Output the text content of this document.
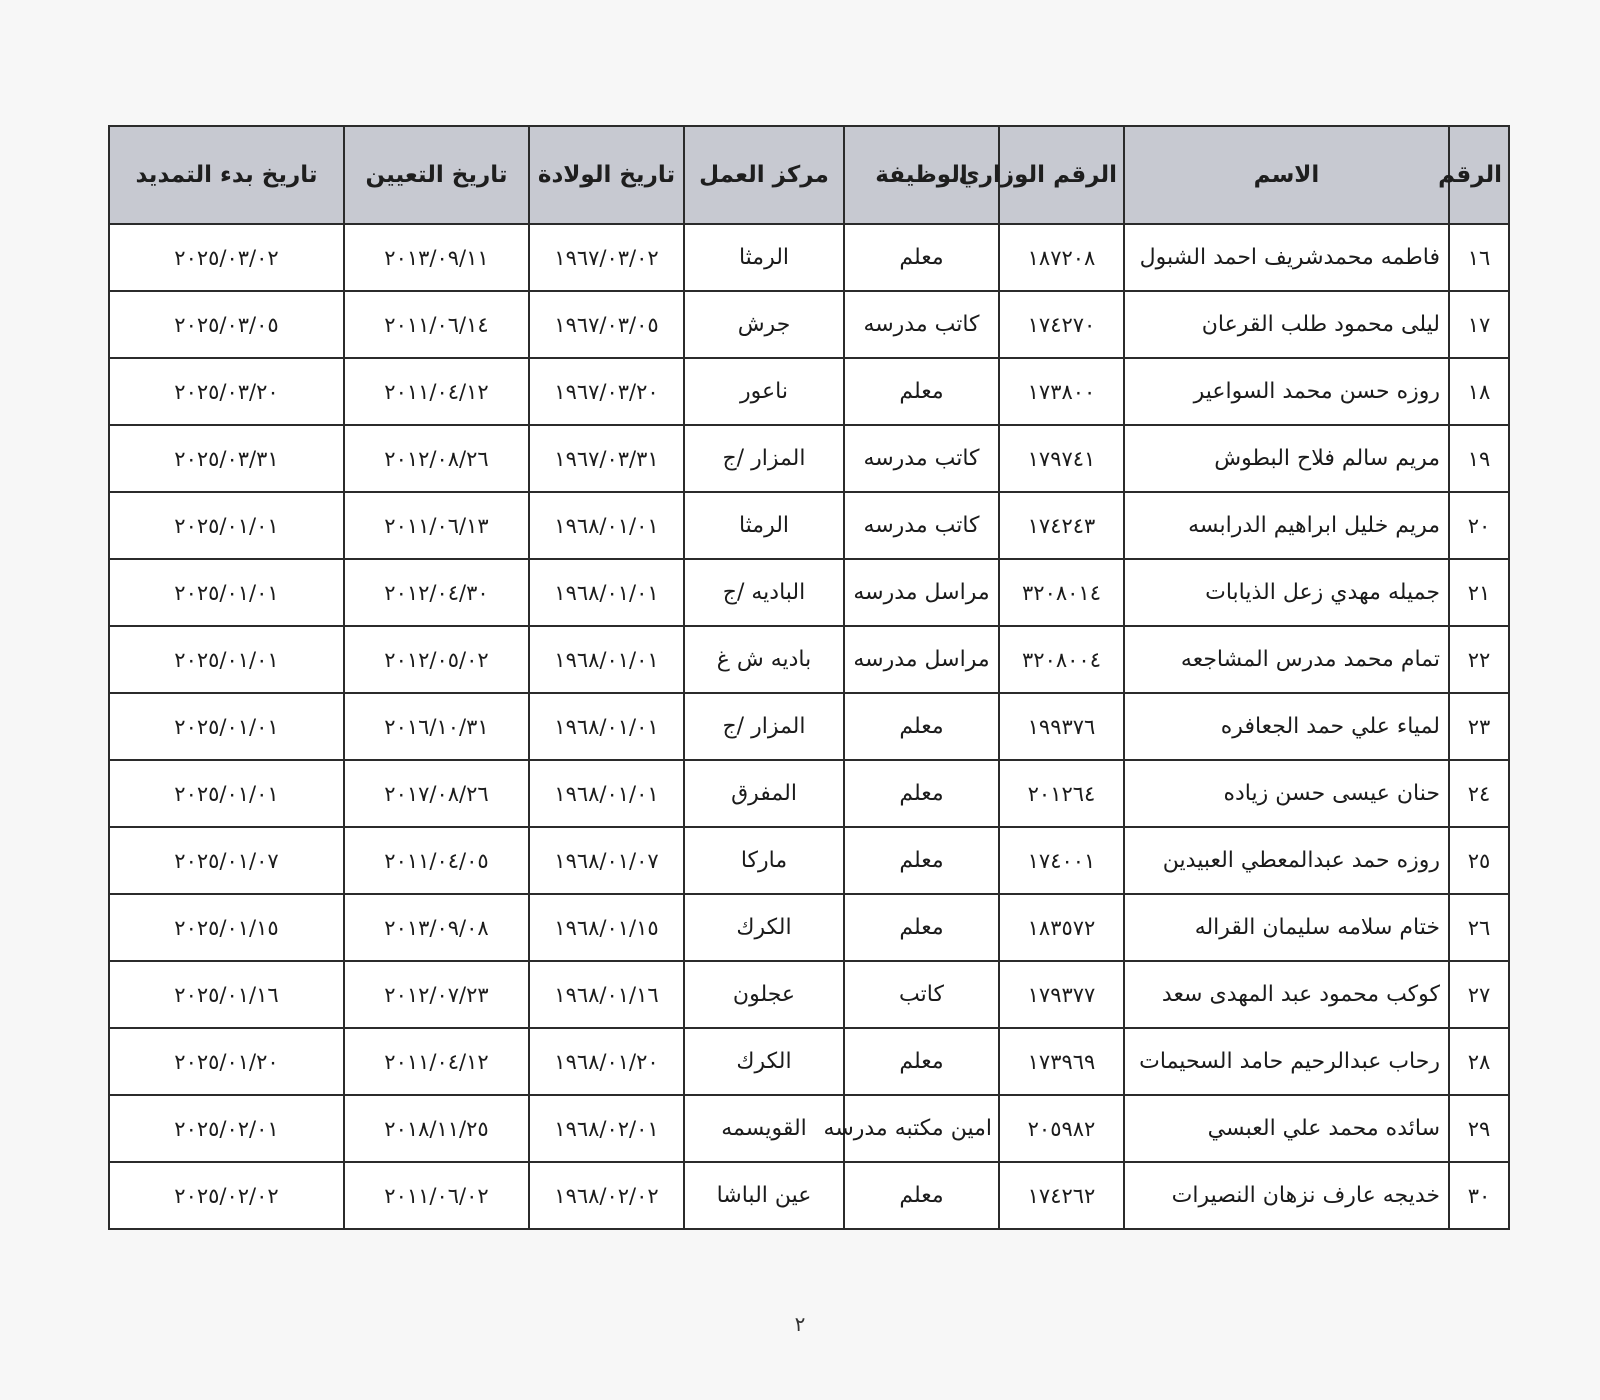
الرقم	الاسم	الرقم الوزاري	الوظيفة	مركز العمل	تاريخ الولادة	تاريخ التعيين	تاريخ بدء التمديد
١٦	فاطمه محمدشريف احمد الشبول	١٨٧٢٠٨	معلم	الرمثا	١٩٦٧/٠٣/٠٢	٢٠١٣/٠٩/١١	٢٠٢٥/٠٣/٠٢
١٧	ليلى محمود طلب القرعان	١٧٤٢٧٠	كاتب مدرسه	جرش	١٩٦٧/٠٣/٠٥	٢٠١١/٠٦/١٤	٢٠٢٥/٠٣/٠٥
١٨	روزه حسن محمد السواعير	١٧٣٨٠٠	معلم	ناعور	١٩٦٧/٠٣/٢٠	٢٠١١/٠٤/١٢	٢٠٢٥/٠٣/٢٠
١٩	مريم سالم فلاح البطوش	١٧٩٧٤١	كاتب مدرسه	المزار /ج	١٩٦٧/٠٣/٣١	٢٠١٢/٠٨/٢٦	٢٠٢٥/٠٣/٣١
٢٠	مريم خليل ابراهيم الدرابسه	١٧٤٢٤٣	كاتب مدرسه	الرمثا	١٩٦٨/٠١/٠١	٢٠١١/٠٦/١٣	٢٠٢٥/٠١/٠١
٢١	جميله مهدي زعل الذيابات	٣٢٠٨٠١٤	مراسل مدرسه	الباديه /ج	١٩٦٨/٠١/٠١	٢٠١٢/٠٤/٣٠	٢٠٢٥/٠١/٠١
٢٢	تمام محمد مدرس المشاجعه	٣٢٠٨٠٠٤	مراسل مدرسه	باديه ش غ	١٩٦٨/٠١/٠١	٢٠١٢/٠٥/٠٢	٢٠٢٥/٠١/٠١
٢٣	لمياء علي حمد الجعافره	١٩٩٣٧٦	معلم	المزار /ج	١٩٦٨/٠١/٠١	٢٠١٦/١٠/٣١	٢٠٢٥/٠١/٠١
٢٤	حنان عيسى حسن زياده	٢٠١٢٦٤	معلم	المفرق	١٩٦٨/٠١/٠١	٢٠١٧/٠٨/٢٦	٢٠٢٥/٠١/٠١
٢٥	روزه حمد عبدالمعطي العبيدين	١٧٤٠٠١	معلم	ماركا	١٩٦٨/٠١/٠٧	٢٠١١/٠٤/٠٥	٢٠٢٥/٠١/٠٧
٢٦	ختام سلامه سليمان القراله	١٨٣٥٧٢	معلم	الكرك	١٩٦٨/٠١/١٥	٢٠١٣/٠٩/٠٨	٢٠٢٥/٠١/١٥
٢٧	كوكب محمود عبد المهدى سعد	١٧٩٣٧٧	كاتب	عجلون	١٩٦٨/٠١/١٦	٢٠١٢/٠٧/٢٣	٢٠٢٥/٠١/١٦
٢٨	رحاب عبدالرحيم حامد السحيمات	١٧٣٩٦٩	معلم	الكرك	١٩٦٨/٠١/٢٠	٢٠١١/٠٤/١٢	٢٠٢٥/٠١/٢٠
٢٩	سائده محمد علي العبسي	٢٠٥٩٨٢	امين مكتبه مدرسه	القويسمه	١٩٦٨/٠٢/٠١	٢٠١٨/١١/٢٥	٢٠٢٥/٠٢/٠١
٣٠	خديجه عارف نزهان النصيرات	١٧٤٢٦٢	معلم	عين الباشا	١٩٦٨/٠٢/٠٢	٢٠١١/٠٦/٠٢	٢٠٢٥/٠٢/٠٢
٢
